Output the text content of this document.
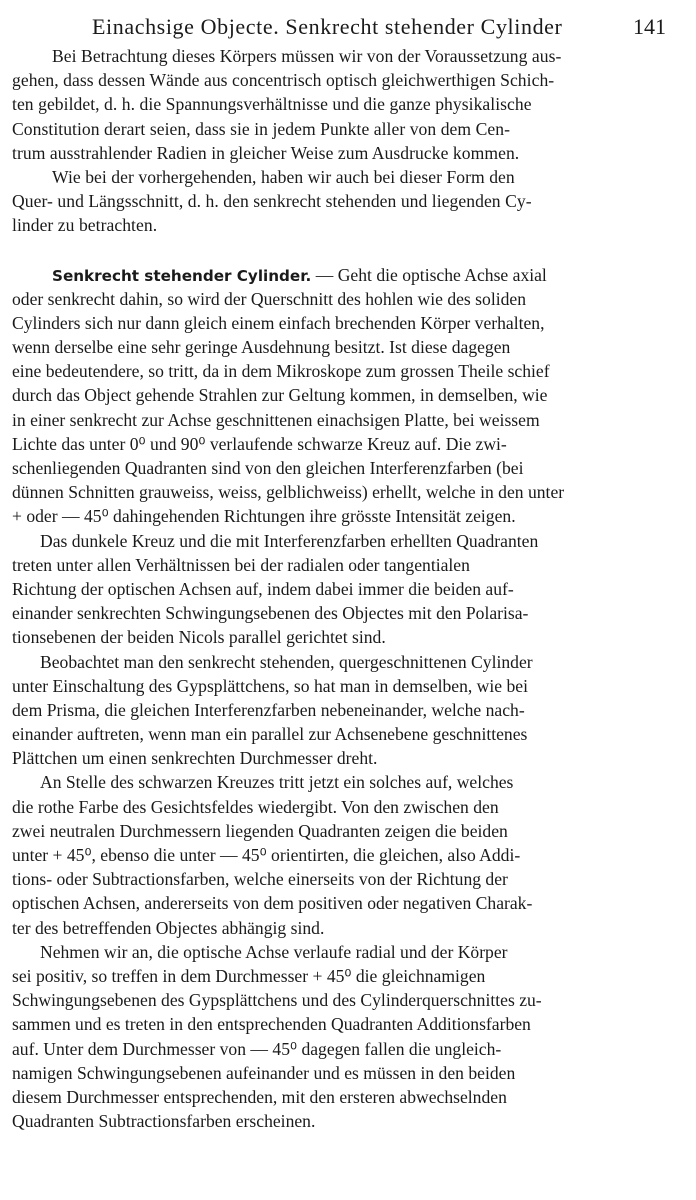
Einachsige Objecte. Senkrecht stehender Cylinder	141
Bei Betrachtung dieses Körpers müssen wir von der Voraussetzung aus-
gehen, dass dessen Wände aus concentrisch optisch gleichwerthigen Schich-
ten gebildet, d. h. die Spannungsverhältnisse und die ganze physikalische
Constitution derart seien, dass sie in jedem Punkte aller von dem Cen-
trum ausstrahlender Radien in gleicher Weise zum Ausdrucke kommen.
Wie bei der vorhergehenden, haben wir auch bei dieser Form den
Quer- und Längsschnitt, d. h. den senkrecht stehenden und liegenden Cy-
linder zu betrachten.
Senkrecht stehender Cylinder. — Geht die optische Achse axial
oder senkrecht dahin, so wird der Querschnitt des hohlen wie des soliden
Cylinders sich nur dann gleich einem einfach brechenden Körper verhalten,
wenn derselbe eine sehr geringe Ausdehnung besitzt. Ist diese dagegen
eine bedeutendere, so tritt, da in dem Mikroskope zum grossen Theile schief
durch das Object gehende Strahlen zur Geltung kommen, in demselben, wie
in einer senkrecht zur Achse geschnittenen einachsigen Platte, bei weissem
Lichte das unter 0⁰ und 90⁰ verlaufende schwarze Kreuz auf. Die zwi-
schenliegenden Quadranten sind von den gleichen Interferenzfarben (bei
dünnen Schnitten grauweiss, weiss, gelblichweiss) erhellt, welche in den unter
+ oder — 45⁰ dahingehenden Richtungen ihre grösste Intensität zeigen.
Das dunkele Kreuz und die mit Interferenzfarben erhellten Quadranten
treten unter allen Verhältnissen bei der radialen oder tangentialen
Richtung der optischen Achsen auf, indem dabei immer die beiden auf-
einander senkrechten Schwingungsebenen des Objectes mit den Polarisa-
tionsebenen der beiden Nicols parallel gerichtet sind.
Beobachtet man den senkrecht stehenden, quergeschnittenen Cylinder
unter Einschaltung des Gypsplättchens, so hat man in demselben, wie bei
dem Prisma, die gleichen Interferenzfarben nebeneinander, welche nach-
einander auftreten, wenn man ein parallel zur Achsenebene geschnittenes
Plättchen um einen senkrechten Durchmesser dreht.
An Stelle des schwarzen Kreuzes tritt jetzt ein solches auf, welches
die rothe Farbe des Gesichtsfeldes wiedergibt. Von den zwischen den
zwei neutralen Durchmessern liegenden Quadranten zeigen die beiden
unter + 45⁰, ebenso die unter — 45⁰ orientirten, die gleichen, also Addi-
tions- oder Subtractionsfarben, welche einerseits von der Richtung der
optischen Achsen, andererseits von dem positiven oder negativen Charak-
ter des betreffenden Objectes abhängig sind.
Nehmen wir an, die optische Achse verlaufe radial und der Körper
sei positiv, so treffen in dem Durchmesser + 45⁰ die gleichnamigen
Schwingungsebenen des Gypsplättchens und des Cylinderquerschnittes zu-
sammen und es treten in den entsprechenden Quadranten Additionsfarben
auf. Unter dem Durchmesser von — 45⁰ dagegen fallen die ungleich-
namigen Schwingungsebenen aufeinander und es müssen in den beiden
diesem Durchmesser entsprechenden, mit den ersteren abwechselnden
Quadranten Subtractionsfarben erscheinen.
